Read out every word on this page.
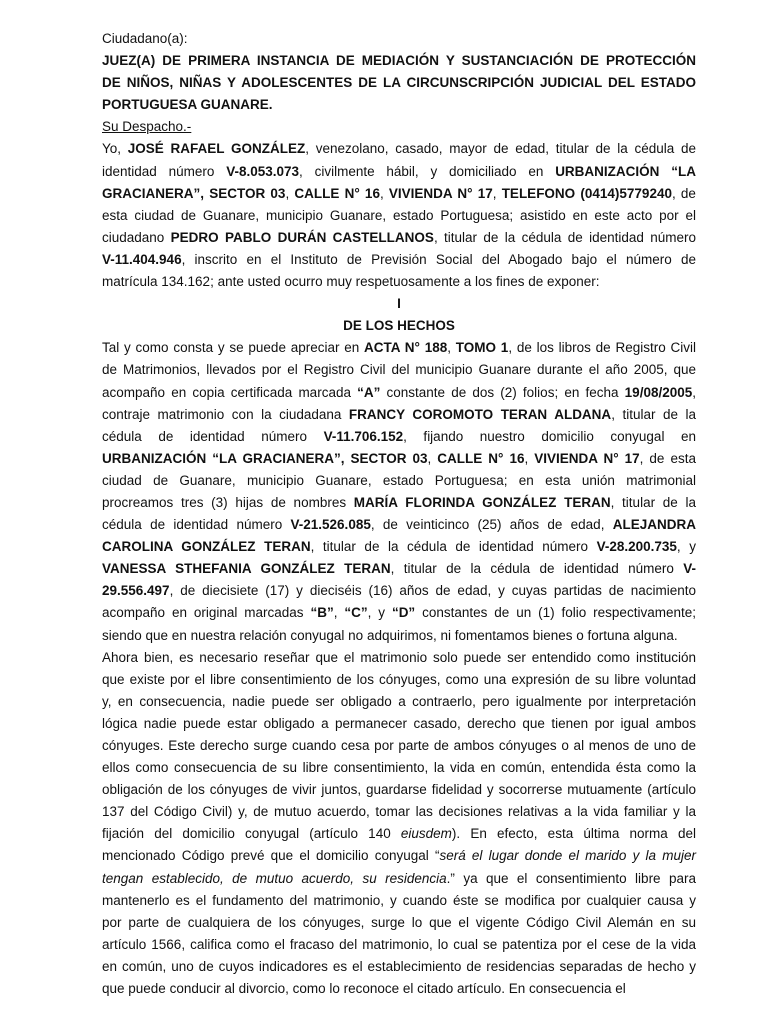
Ciudadano(a):
JUEZ(A) DE PRIMERA INSTANCIA DE MEDIACIÓN Y SUSTANCIACIÓN DE PROTECCIÓN
DE NIÑOS, NIÑAS Y ADOLESCENTES DE LA CIRCUNSCRIPCIÓN JUDICIAL DEL ESTADO
PORTUGUESA GUANARE.
Su Despacho.-
Yo, JOSÉ RAFAEL GONZÁLEZ, venezolano, casado, mayor de edad, titular de la cédula de
identidad número V-8.053.073, civilmente hábil, y domiciliado en URBANIZACIÓN “LA
GRACIANERA”, SECTOR 03, CALLE N° 16, VIVIENDA N° 17, TELEFONO (0414)5779240, de
esta ciudad de Guanare, municipio Guanare, estado Portuguesa; asistido en este acto por el
ciudadano PEDRO PABLO DURÁN CASTELLANOS, titular de la cédula de identidad número
V-11.404.946, inscrito en el Instituto de Previsión Social del Abogado bajo el número de
matrícula 134.162; ante usted ocurro muy respetuosamente a los fines de exponer:
I
DE LOS HECHOS
Tal y como consta y se puede apreciar en ACTA N° 188, TOMO 1, de los libros de Registro Civil
de Matrimonios, llevados por el Registro Civil del municipio Guanare durante el año 2005, que
acompaño en copia certificada marcada “A” constante de dos (2) folios; en fecha 19/08/2005,
contraje matrimonio con la ciudadana FRANCY COROMOTO TERAN ALDANA, titular de la
cédula de identidad número V-11.706.152, fijando nuestro domicilio conyugal en
URBANIZACIÓN “LA GRACIANERA”, SECTOR 03, CALLE N° 16, VIVIENDA N° 17, de esta
ciudad de Guanare, municipio Guanare, estado Portuguesa; en esta unión matrimonial
procreamos tres (3) hijas de nombres MARÍA FLORINDA GONZÁLEZ TERAN, titular de la
cédula de identidad número V-21.526.085, de veinticinco (25) años de edad, ALEJANDRA
CAROLINA GONZÁLEZ TERAN, titular de la cédula de identidad número V-28.200.735, y
VANESSA STHEFANIA GONZÁLEZ TERAN, titular de la cédula de identidad número V-
29.556.497, de diecisiete (17) y dieciséis (16) años de edad, y cuyas partidas de nacimiento
acompaño en original marcadas “B”, “C”, y “D” constantes de un (1) folio respectivamente;
siendo que en nuestra relación conyugal no adquirimos, ni fomentamos bienes o fortuna alguna.
Ahora bien, es necesario reseñar que el matrimonio solo puede ser entendido como institución
que existe por el libre consentimiento de los cónyuges, como una expresión de su libre voluntad
y, en consecuencia, nadie puede ser obligado a contraerlo, pero igualmente por interpretación
lógica nadie puede estar obligado a permanecer casado, derecho que tienen por igual ambos
cónyuges. Este derecho surge cuando cesa por parte de ambos cónyuges o al menos de uno de
ellos como consecuencia de su libre consentimiento, la vida en común, entendida ésta como la
obligación de los cónyuges de vivir juntos, guardarse fidelidad y socorrerse mutuamente (artículo
137 del Código Civil) y, de mutuo acuerdo, tomar las decisiones relativas a la vida familiar y la
fijación del domicilio conyugal (artículo 140 eiusdem). En efecto, esta última norma del
mencionado Código prevé que el domicilio conyugal “será el lugar donde el marido y la mujer
tengan establecido, de mutuo acuerdo, su residencia.” ya que el consentimiento libre para
mantenerlo es el fundamento del matrimonio, y cuando éste se modifica por cualquier causa y
por parte de cualquiera de los cónyuges, surge lo que el vigente Código Civil Alemán en su
artículo 1566, califica como el fracaso del matrimonio, lo cual se patentiza por el cese de la vida
en común, uno de cuyos indicadores es el establecimiento de residencias separadas de hecho y
que puede conducir al divorcio, como lo reconoce el citado artículo. En consecuencia el
